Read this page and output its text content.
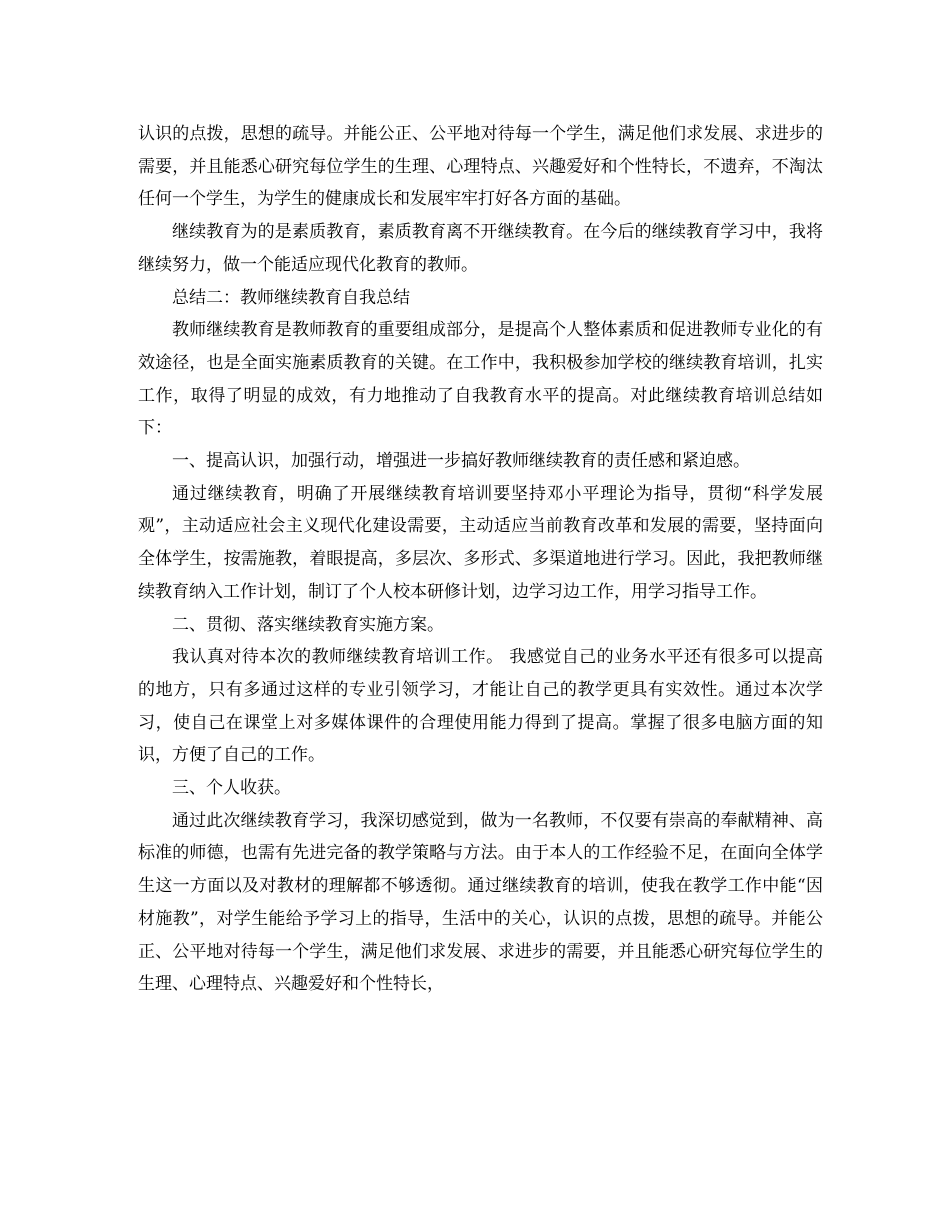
认识的点拨，思想的疏导。并能公正、公平地对待每一个学生，满足他们求发展、求进步的需要，并且能悉心研究每位学生的生理、心理特点、兴趣爱好和个性特长，不遗弃，不淘汰任何一个学生，为学生的健康成长和发展牢牢打好各方面的基础。

继续教育为的是素质教育，素质教育离不开继续教育。在今后的继续教育学习中，我将继续努力，做一个能适应现代化教育的教师。

总结二：教师继续教育自我总结

教师继续教育是教师教育的重要组成部分，是提高个人整体素质和促进教师专业化的有效途径，也是全面实施素质教育的关键。在工作中，我积极参加学校的继续教育培训，扎实工作，取得了明显的成效，有力地推动了自我教育水平的提高。对此继续教育培训总结如下：

一、提高认识，加强行动，增强进一步搞好教师继续教育的责任感和紧迫感。

通过继续教育，明确了开展继续教育培训要坚持邓小平理论为指导，贯彻“科学发展观”，主动适应社会主义现代化建设需要，主动适应当前教育改革和发展的需要，坚持面向全体学生，按需施教，着眼提高，多层次、多形式、多渠道地进行学习。因此，我把教师继续教育纳入工作计划，制订了个人校本研修计划，边学习边工作，用学习指导工作。

二、贯彻、落实继续教育实施方案。

我认真对待本次的教师继续教育培训工作。 我感觉自己的业务水平还有很多可以提高的地方，只有多通过这样的专业引领学习，才能让自己的教学更具有实效性。通过本次学习，使自己在课堂上对多媒体课件的合理使用能力得到了提高。掌握了很多电脑方面的知识，方便了自己的工作。

三、个人收获。

通过此次继续教育学习，我深切感觉到，做为一名教师，不仅要有崇高的奉献精神、高标准的师德，也需有先进完备的教学策略与方法。由于本人的工作经验不足，在面向全体学生这一方面以及对教材的理解都不够透彻。通过继续教育的培训，使我在教学工作中能“因材施教”，对学生能给予学习上的指导，生活中的关心，认识的点拨，思想的疏导。并能公正、公平地对待每一个学生，满足他们求发展、求进步的需要，并且能悉心研究每位学生的生理、心理特点、兴趣爱好和个性特长，
